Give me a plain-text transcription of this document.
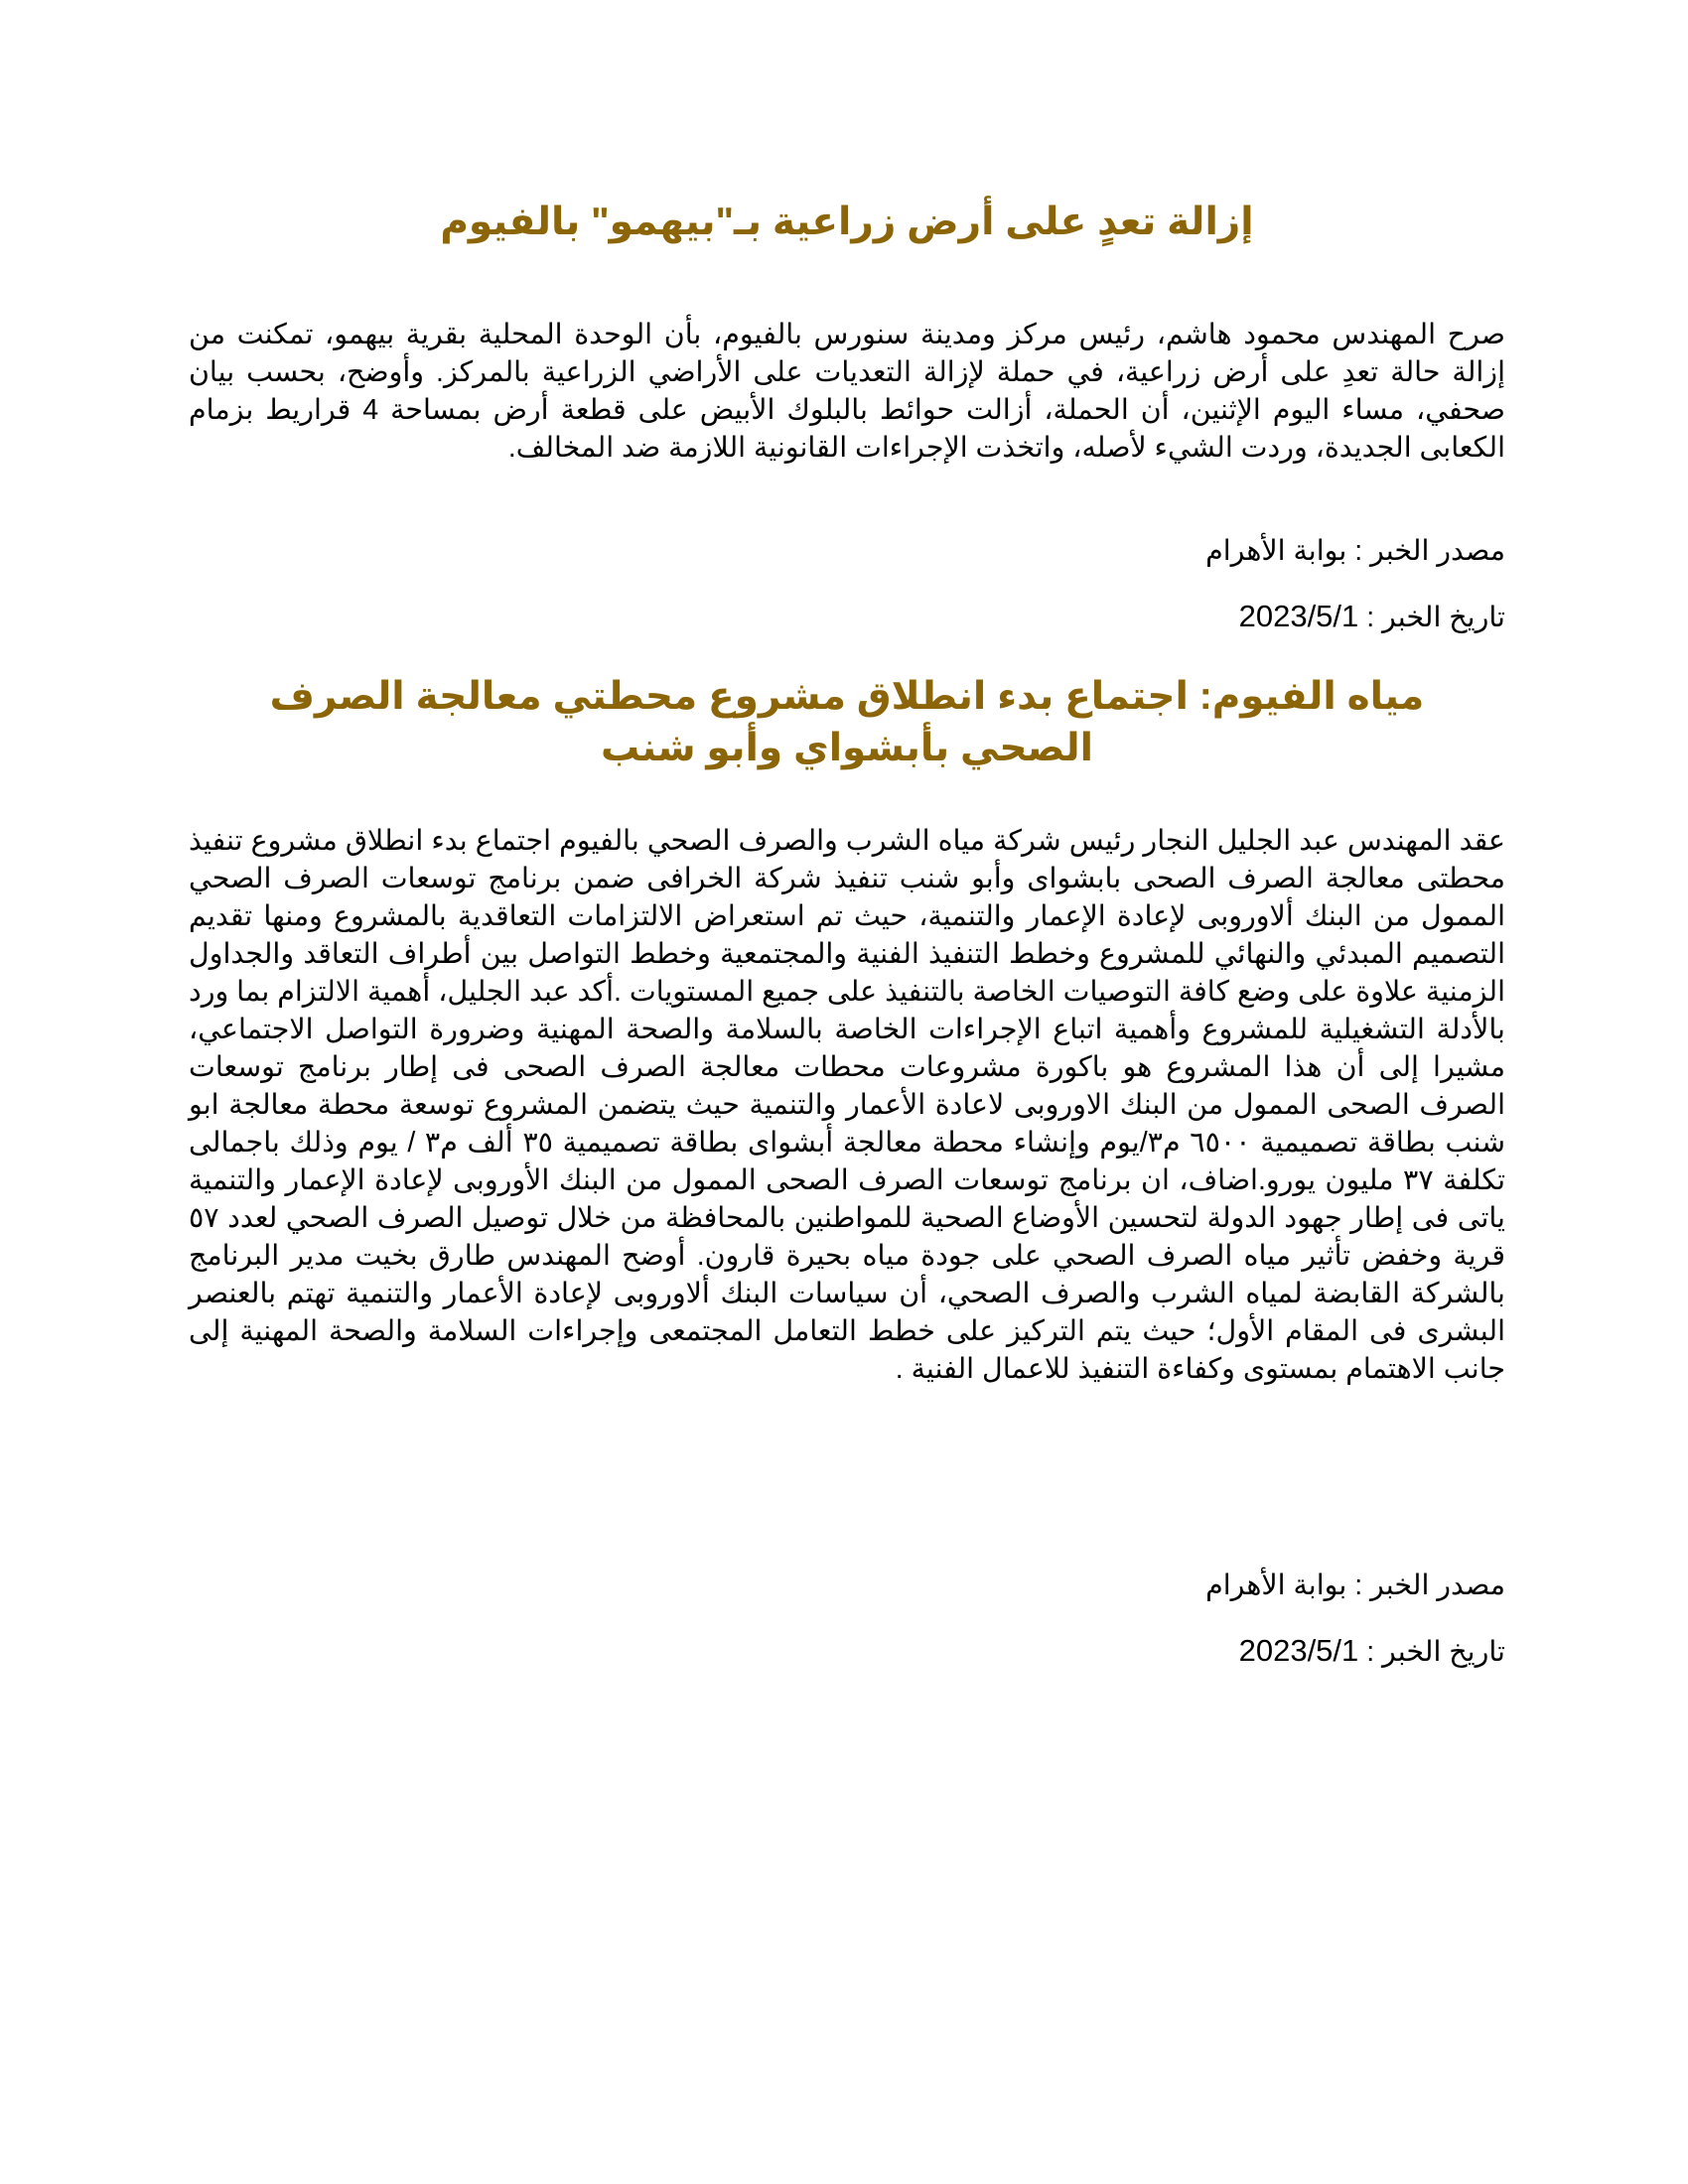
إزالة تعدٍ على أرض زراعية بـ"بيهمو" بالفيوم

صرح المهندس محمود هاشم، رئيس مركز ومدينة سنورس بالفيوم، بأن الوحدة المحلية بقرية بيهمو، تمكنت من إزالة حالة تعدِ على أرض زراعية، في حملة لإزالة التعديات على الأراضي الزراعية بالمركز. وأوضح، بحسب بيان صحفي، مساء اليوم الإثنين، أن الحملة، أزالت حوائط بالبلوك الأبيض على قطعة أرض بمساحة 4 قراريط بزمام الكعابى الجديدة، وردت الشيء لأصله، واتخذت الإجراءات القانونية اللازمة ضد المخالف.

مصدر الخبر : بوابة الأهرام

تاريخ الخبر : 2023/5/1

مياه الفيوم: اجتماع بدء انطلاق مشروع محطتي معالجة الصرف الصحي بأبشواي وأبو شنب

عقد المهندس عبد الجليل النجار رئيس شركة مياه الشرب والصرف الصحي بالفيوم اجتماع بدء انطلاق مشروع تنفيذ محطتى معالجة الصرف الصحى بابشواى وأبو شنب تنفيذ شركة الخرافى ضمن برنامج توسعات الصرف الصحي الممول من البنك ألاوروبى لإعادة الإعمار والتنمية، حيث تم استعراض الالتزامات التعاقدية بالمشروع ومنها تقديم التصميم المبدئي والنهائي للمشروع وخطط التنفيذ الفنية والمجتمعية وخطط التواصل بين أطراف التعاقد والجداول الزمنية علاوة على وضع كافة التوصيات الخاصة بالتنفيذ على جميع المستويات .أكد عبد الجليل، أهمية الالتزام بما ورد بالأدلة التشغيلية للمشروع وأهمية اتباع الإجراءات الخاصة بالسلامة والصحة المهنية وضرورة التواصل الاجتماعي، مشيرا إلى أن هذا المشروع هو باكورة مشروعات محطات معالجة الصرف الصحى فى إطار برنامج توسعات الصرف الصحى الممول من البنك الاوروبى لاعادة الأعمار والتنمية حيث يتضمن المشروع توسعة محطة معالجة ابو شنب بطاقة تصميمية ٦٥٠٠ م٣/يوم وإنشاء محطة معالجة أبشواى بطاقة تصميمية ٣٥ ألف م٣ / يوم وذلك باجمالى تكلفة ٣٧ مليون يورو.اضاف، ان برنامج توسعات الصرف الصحى الممول من البنك الأوروبى لإعادة الإعمار والتنمية ياتى فى إطار جهود الدولة لتحسين الأوضاع الصحية للمواطنين بالمحافظة من خلال توصيل الصرف الصحي لعدد ٥٧ قرية وخفض تأثير مياه الصرف الصحي على جودة مياه بحيرة قارون. أوضح المهندس طارق بخيت مدير البرنامج بالشركة القابضة لمياه الشرب والصرف الصحي، أن سياسات البنك ألاوروبى لإعادة الأعمار والتنمية تهتم بالعنصر البشرى فى المقام الأول؛ حيث يتم التركيز على خطط التعامل المجتمعى وإجراءات السلامة والصحة المهنية إلى جانب الاهتمام بمستوى وكفاءة التنفيذ للاعمال الفنية .

مصدر الخبر : بوابة الأهرام

تاريخ الخبر : 2023/5/1
